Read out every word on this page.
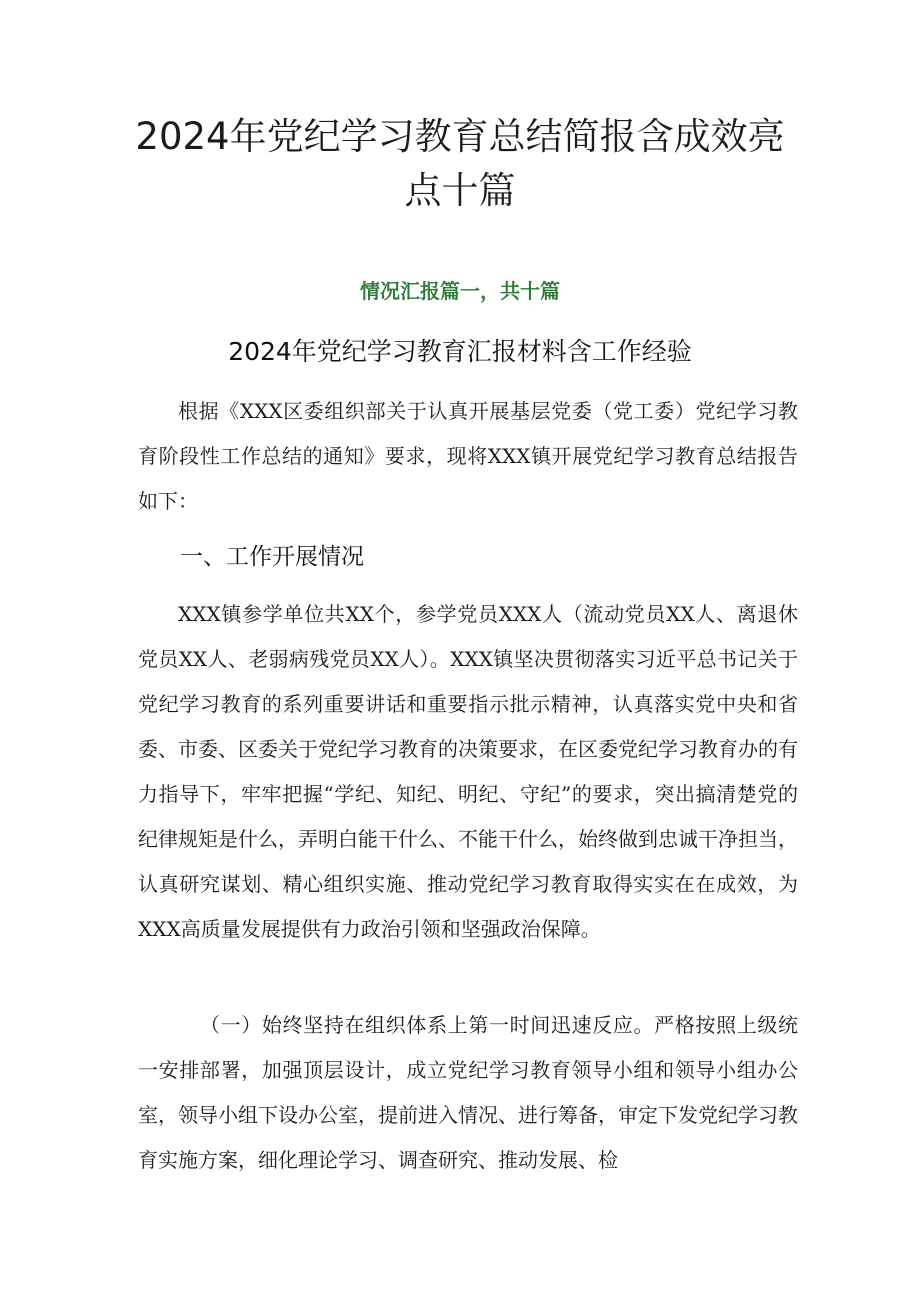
2024年党纪学习教育总结简报含成效亮点十篇
情况汇报篇一，共十篇
2024年党纪学习教育汇报材料含工作经验

根据《XXX区委组织部关于认真开展基层党委（党工委）党纪学习教育阶段性工作总结的通知》要求，现将XXX镇开展党纪学习教育总结报告如下：

一、工作开展情况

XXX镇参学单位共XX个，参学党员XXX人（流动党员XX人、离退休党员XX人、老弱病残党员XX人）。XXX镇坚决贯彻落实习近平总书记关于党纪学习教育的系列重要讲话和重要指示批示精神，认真落实党中央和省委、市委、区委关于党纪学习教育的决策要求，在区委党纪学习教育办的有力指导下，牢牢把握“学纪、知纪、明纪、守纪”的要求，突出搞清楚党的纪律规矩是什么，弄明白能干什么、不能干什么，始终做到忠诚干净担当，认真研究谋划、精心组织实施、推动党纪学习教育取得实实在在成效，为XXX高质量发展提供有力政治引领和坚强政治保障。

（一）始终坚持在组织体系上第一时间迅速反应。严格按照上级统一安排部署，加强顶层设计，成立党纪学习教育领导小组和领导小组办公室，领导小组下设办公室，提前进入情况、进行筹备，审定下发党纪学习教育实施方案，细化理论学习、调查研究、推动发展、检
